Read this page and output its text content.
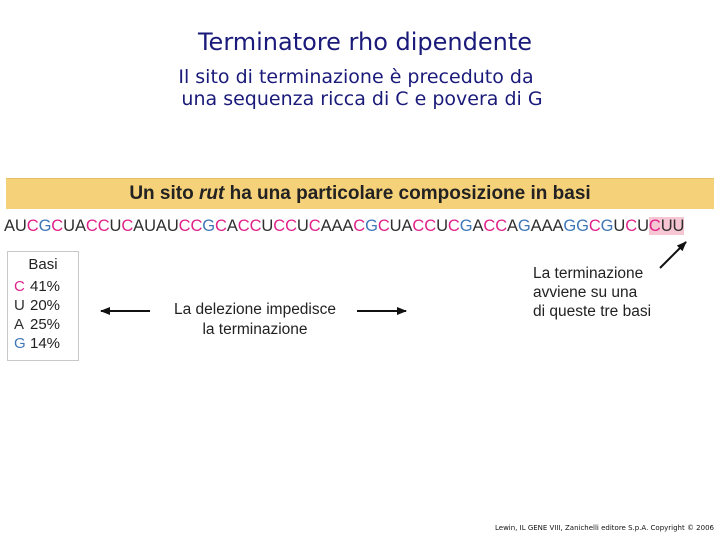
Terminatore rho dipendente
Il sito di terminazione è preceduto da
una sequenza ricca di C e povera di G
Un sito
rut
ha una particolare composizione in basi
AUCGCUACCUCAUAUCCGCACCUCCUCAAACGCUACCUCGACCAGAAAGGCGUCUCUU
Basi
C 41%
U 20%
A 25%
G 14%
La delezione impedisce
la terminazione
La terminazione
avviene su una
di queste tre basi
Lewin, IL GENE VIII, Zanichelli editore S.p.A. Copyright © 2006
